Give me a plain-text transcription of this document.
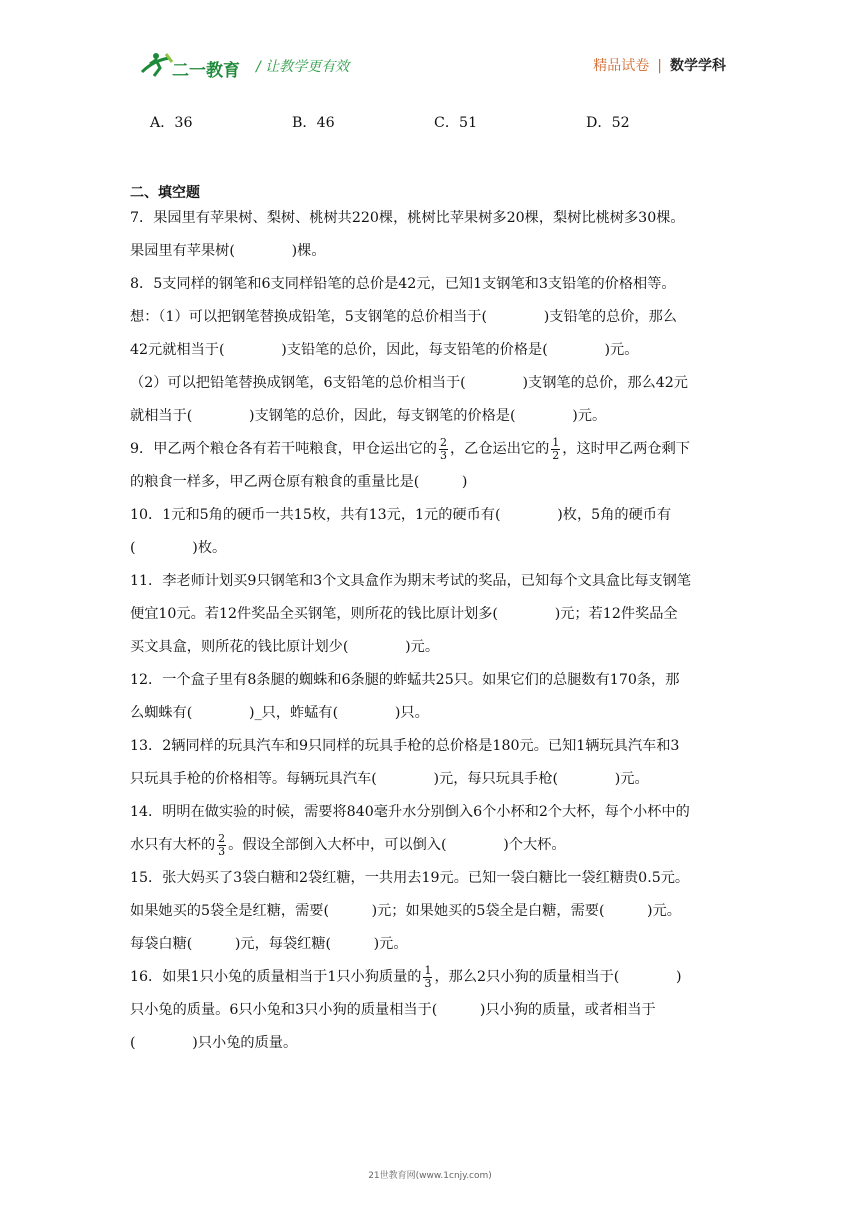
二一教育 / 让教学更有效	精品试卷 | 数学学科
A．36	B．46	C．51	D．52
二、填空题
7．果园里有苹果树、梨树、桃树共220棵，桃树比苹果树多20棵，梨树比桃树多30棵。
果园里有苹果树(　　　　)棵。
8．5支同样的钢笔和6支同样铅笔的总价是42元，已知1支钢笔和3支铅笔的价格相等。
想：（1）可以把钢笔替换成铅笔，5支钢笔的总价相当于(　　　　)支铅笔的总价，那么
42元就相当于(　　　　)支铅笔的总价，因此，每支铅笔的价格是(　　　　)元。
（2）可以把铅笔替换成钢笔，6支铅笔的总价相当于(　　　　)支钢笔的总价，那么42元
就相当于(　　　　)支钢笔的总价，因此，每支钢笔的价格是(　　　　)元。
9．甲乙两个粮仓各有若干吨粮食，甲仓运出它的 $\frac{2}{3}$ ，乙仓运出它的 $\frac{1}{2}$ ，这时甲乙两仓剩下
的粮食一样多，甲乙两仓原有粮食的重量比是(　　　)
10．1元和5角的硬币一共15枚，共有13元，1元的硬币有(　　　　)枚，5角的硬币有
(　　　　)枚。
11．李老师计划买9只钢笔和3个文具盒作为期末考试的奖品，已知每个文具盒比每支钢笔
便宜10元。若12件奖品全买钢笔，则所花的钱比原计划多(　　　　)元；若12件奖品全
买文具盒，则所花的钱比原计划少(　　　　)元。
12．一个盒子里有8条腿的蜘蛛和6条腿的蚱蜢共25只。如果它们的总腿数有170条，那
么蜘蛛有(　　　　)_只，蚱蜢有(　　　　)只。
13．2辆同样的玩具汽车和9只同样的玩具手枪的总价格是180元。已知1辆玩具汽车和3
只玩具手枪的价格相等。每辆玩具汽车(　　　　)元，每只玩具手枪(　　　　)元。
14．明明在做实验的时候，需要将840毫升水分别倒入6个小杯和2个大杯，每个小杯中的
水只有大杯的 $\frac{2}{3}$ 。假设全部倒入大杯中，可以倒入(　　　　)个大杯。
15．张大妈买了3袋白糖和2袋红糖，一共用去19元。已知一袋白糖比一袋红糖贵0.5元。
如果她买的5袋全是红糖，需要(　　　)元；如果她买的5袋全是白糖，需要(　　　)元。
每袋白糖(　　　)元，每袋红糖(　　　)元。
16．如果1只小兔的质量相当于1只小狗质量的 $\frac{1}{3}$ ，那么2只小狗的质量相当于(　　　　)
只小兔的质量。6只小兔和3只小狗的质量相当于(　　　)只小狗的质量，或者相当于
(　　　　)只小兔的质量。
21世教育网(www.1cnjy.com)
